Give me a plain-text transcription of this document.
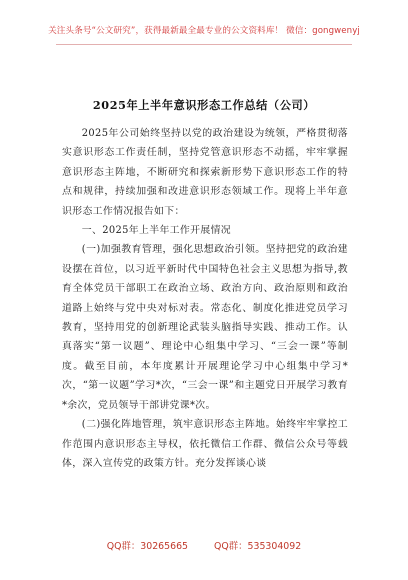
关注头条号“公文研究”，获得最新最全最专业的公文资料库！ 微信：gongwenyj
2025年上半年意识形态工作总结（公司）

2025年公司始终坚持以党的政治建设为统领，严格贯彻落实意识形态工作责任制，坚持党管意识形态不动摇，牢牢掌握意识形态主阵地，不断研究和探索新形势下意识形态工作的特点和规律，持续加强和改进意识形态领域工作。现将上半年意识形态工作情况报告如下：

一、2025年上半年工作开展情况

(一)加强教育管理，强化思想政治引领。坚持把党的政治建设摆在首位，以习近平新时代中国特色社会主义思想为指导,教育全体党员干部职工在政治立场、政治方向、政治原则和政治道路上始终与党中央对标对表。常态化、制度化推进党员学习教育，坚持用党的创新理论武装头脑指导实践、推动工作。认真落实“第一议题”、理论中心组集中学习、“三会一课”等制度。截至目前，本年度累计开展理论学习中心组集中学习*次，“第一议题”学习*次，“三会一课”和主题党日开展学习教育*余次，党员领导干部讲党课*次。

(二)强化阵地管理，筑牢意识形态主阵地。始终牢牢掌控工作范围内意识形态主导权，依托微信工作群、微信公众号等载体，深入宣传党的政策方针。充分发挥谈心谈

QQ群：30265665	QQ群：535304092
